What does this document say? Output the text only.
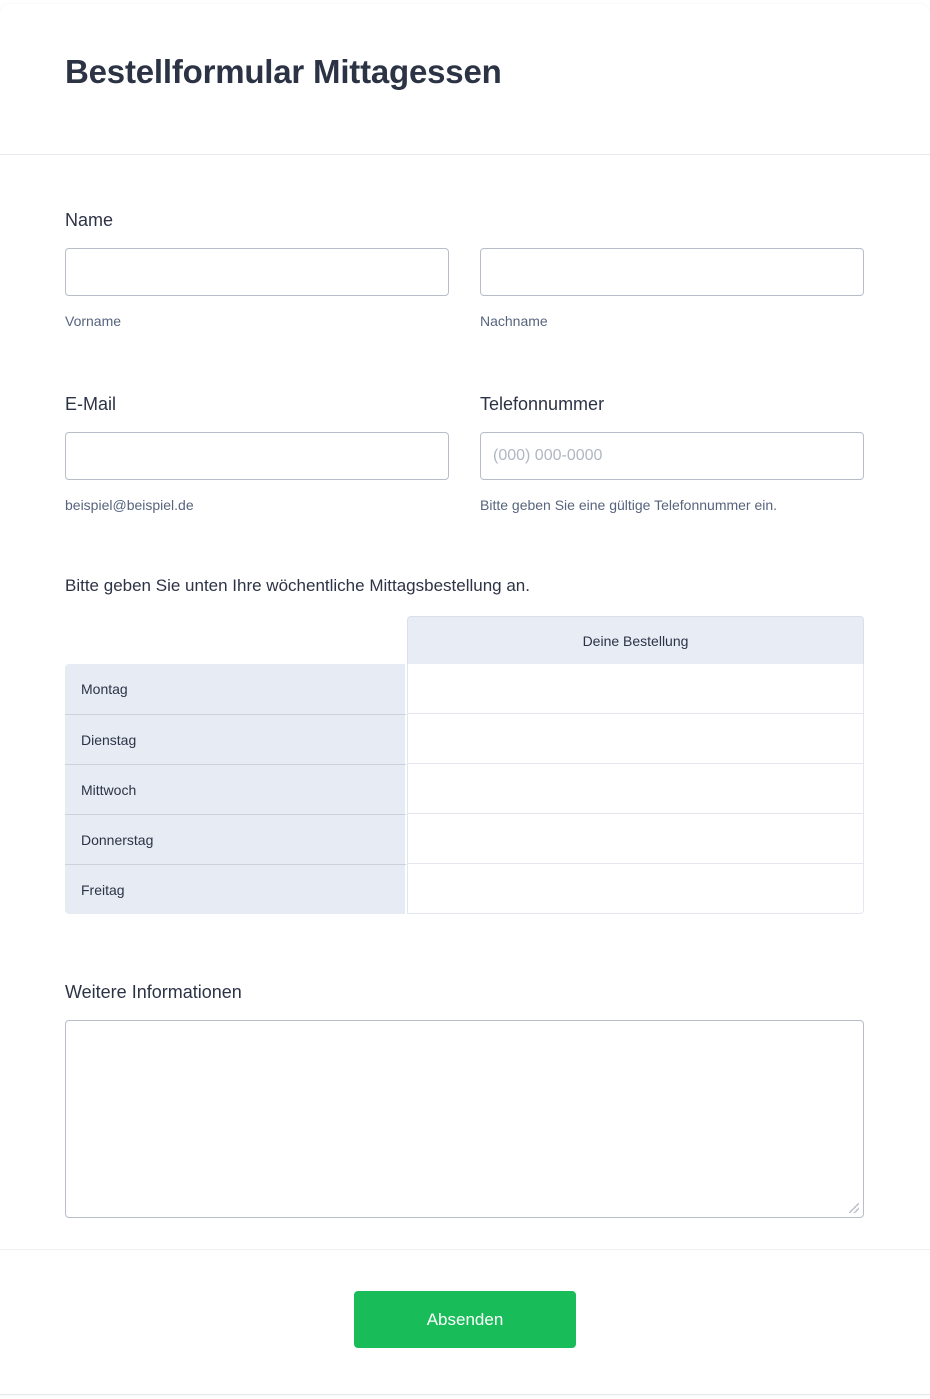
Bestellformular Mittagessen
Name
Vorname	Nachname
E-Mail
beispiel@beispiel.de
Telefonnummer
(000) 000-0000
Bitte geben Sie eine gültige Telefonnummer ein.
Bitte geben Sie unten Ihre wöchentliche Mittagsbestellung an.
Deine Bestellung
Montag
Dienstag
Mittwoch
Donnerstag
Freitag
Weitere Informationen
Absenden
